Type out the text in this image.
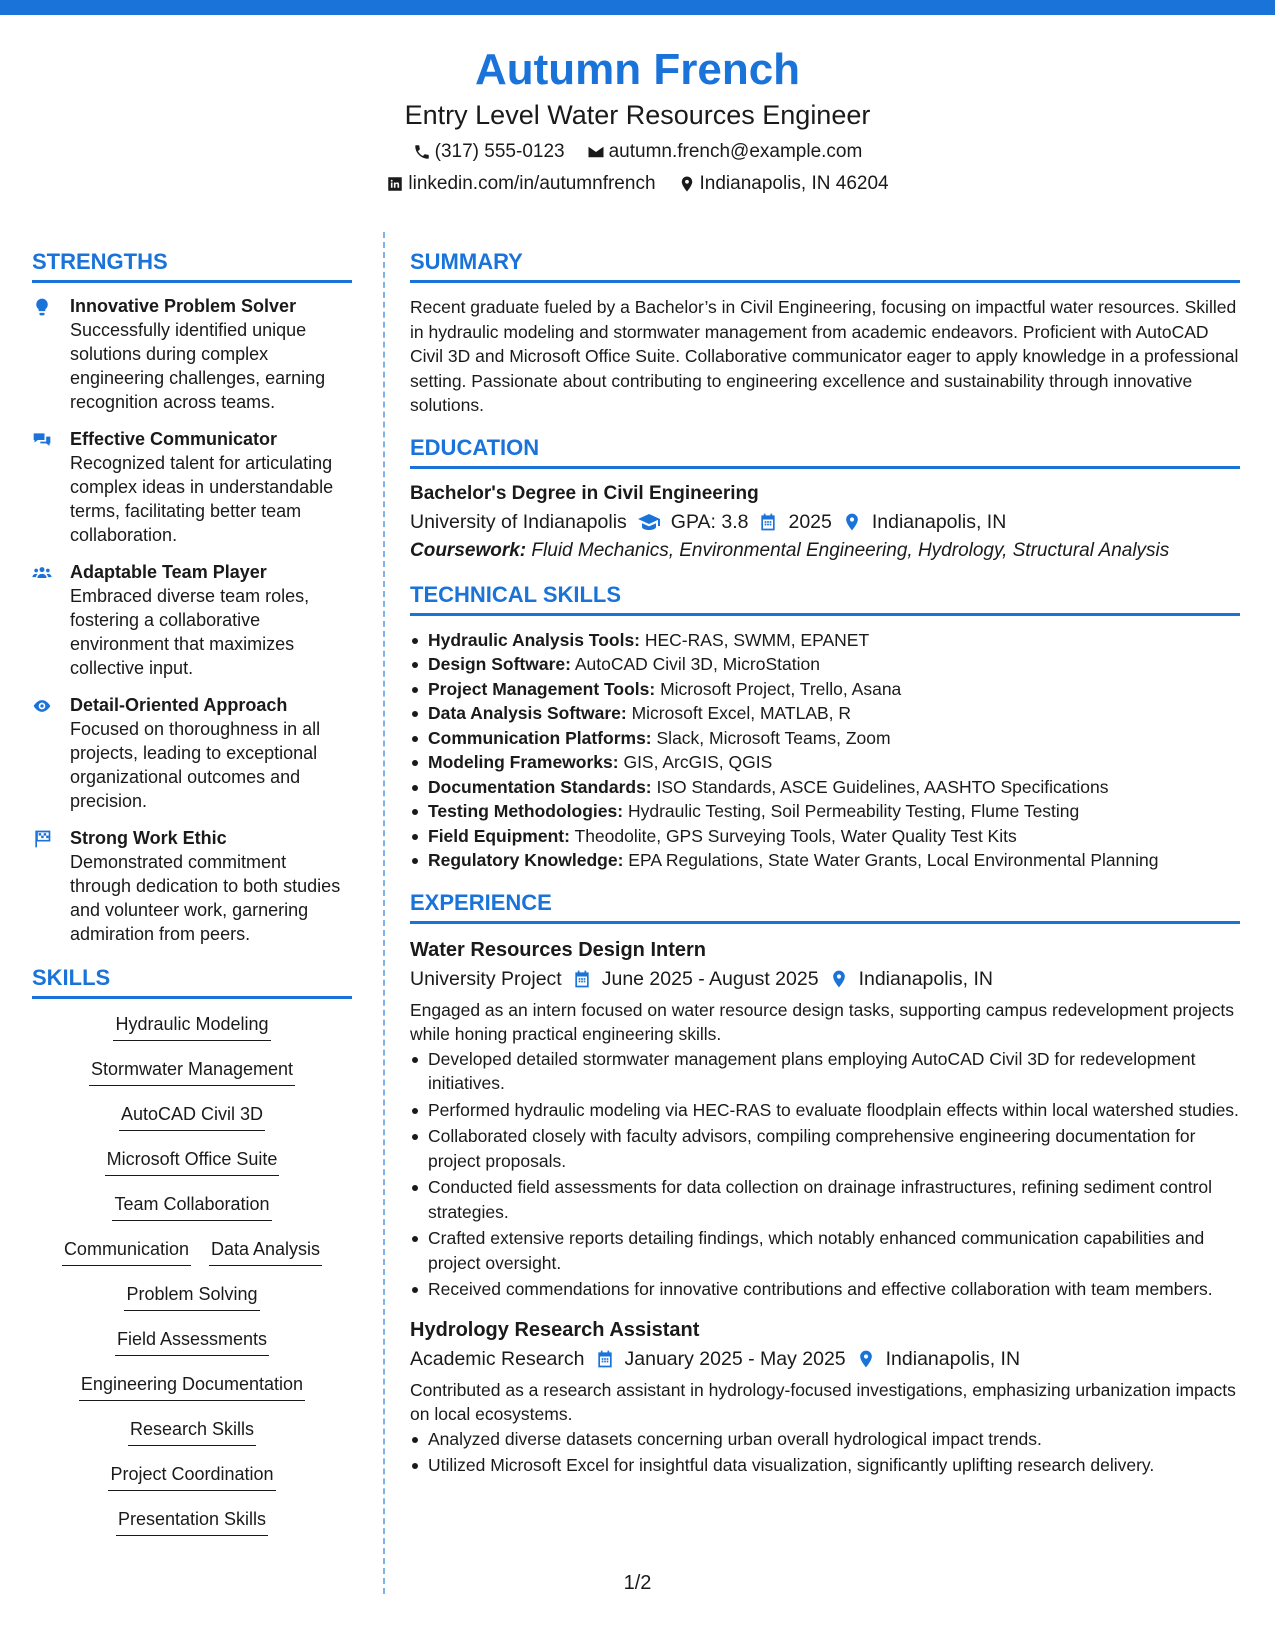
Autumn French
Entry Level Water Resources Engineer
(317) 555-0123 autumn.french@example.com
linkedin.com/in/autumnfrench Indianapolis, IN 46204
STRENGTHS
Innovative Problem Solver
Successfully identified unique solutions during complex engineering challenges, earning recognition across teams.
Effective Communicator
Recognized talent for articulating complex ideas in understandable terms, facilitating better team collaboration.
Adaptable Team Player
Embraced diverse team roles, fostering a collaborative environment that maximizes collective input.
Detail-Oriented Approach
Focused on thoroughness in all projects, leading to exceptional organizational outcomes and precision.
Strong Work Ethic
Demonstrated commitment through dedication to both studies and volunteer work, garnering admiration from peers.
SKILLS
Hydraulic Modeling
Stormwater Management
AutoCAD Civil 3D
Microsoft Office Suite
Team Collaboration
Communication Data Analysis
Problem Solving
Field Assessments
Engineering Documentation
Research Skills
Project Coordination
Presentation Skills
SUMMARY
Recent graduate fueled by a Bachelor’s in Civil Engineering, focusing on impactful water resources. Skilled in hydraulic modeling and stormwater management from academic endeavors. Proficient with AutoCAD Civil 3D and Microsoft Office Suite. Collaborative communicator eager to apply knowledge in a professional setting. Passionate about contributing to engineering excellence and sustainability through innovative solutions.
EDUCATION
Bachelor's Degree in Civil Engineering
University of Indianapolis GPA: 3.8 2025 Indianapolis, IN
Coursework: Fluid Mechanics, Environmental Engineering, Hydrology, Structural Analysis
TECHNICAL SKILLS
Hydraulic Analysis Tools: HEC-RAS, SWMM, EPANET
Design Software: AutoCAD Civil 3D, MicroStation
Project Management Tools: Microsoft Project, Trello, Asana
Data Analysis Software: Microsoft Excel, MATLAB, R
Communication Platforms: Slack, Microsoft Teams, Zoom
Modeling Frameworks: GIS, ArcGIS, QGIS
Documentation Standards: ISO Standards, ASCE Guidelines, AASHTO Specifications
Testing Methodologies: Hydraulic Testing, Soil Permeability Testing, Flume Testing
Field Equipment: Theodolite, GPS Surveying Tools, Water Quality Test Kits
Regulatory Knowledge: EPA Regulations, State Water Grants, Local Environmental Planning
EXPERIENCE
Water Resources Design Intern
University Project June 2025 - August 2025 Indianapolis, IN
Engaged as an intern focused on water resource design tasks, supporting campus redevelopment projects while honing practical engineering skills.
Developed detailed stormwater management plans employing AutoCAD Civil 3D for redevelopment initiatives.
Performed hydraulic modeling via HEC-RAS to evaluate floodplain effects within local watershed studies.
Collaborated closely with faculty advisors, compiling comprehensive engineering documentation for project proposals.
Conducted field assessments for data collection on drainage infrastructures, refining sediment control strategies.
Crafted extensive reports detailing findings, which notably enhanced communication capabilities and project oversight.
Received commendations for innovative contributions and effective collaboration with team members.
Hydrology Research Assistant
Academic Research January 2025 - May 2025 Indianapolis, IN
Contributed as a research assistant in hydrology-focused investigations, emphasizing urbanization impacts on local ecosystems.
Analyzed diverse datasets concerning urban overall hydrological impact trends.
Utilized Microsoft Excel for insightful data visualization, significantly uplifting research delivery.
1/2
